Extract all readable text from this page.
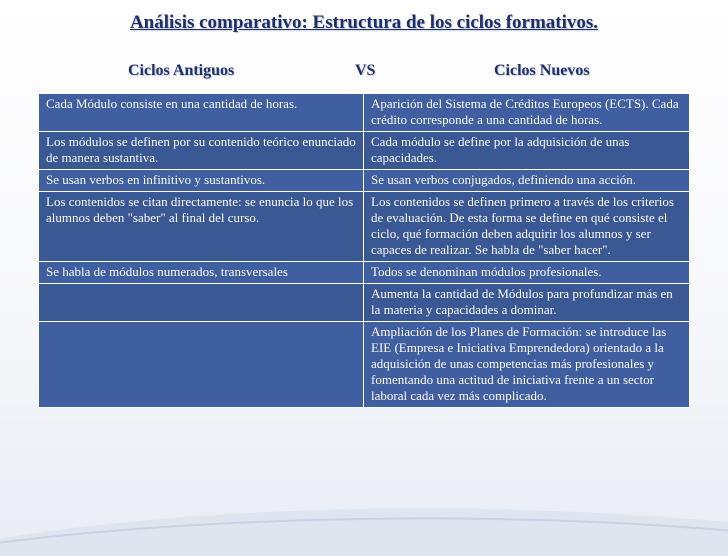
Análisis comparativo: Estructura de los ciclos formativos.
Ciclos Antiguos	VS	Ciclos Nuevos
Cada Módulo consiste en una cantidad de horas.	Aparición del Sistema de Créditos Europeos (ECTS). Cada crédito corresponde a una cantidad de horas.
Los módulos se definen por su contenido teórico enunciado de manera sustantiva.	Cada módulo se define por la adquisición de unas capacidades.
Se usan verbos en infinitivo y sustantivos.	Se usan verbos conjugados, definiendo una acción.
Los contenidos se citan directamente: se enuncia lo que los alumnos deben "saber" al final del curso.	Los contenidos se definen primero a través de los criterios de evaluación. De esta forma se define en qué consiste el ciclo, qué formación deben adquirir los alumnos y ser capaces de realizar. Se habla de "saber hacer".
Se habla de módulos numerados, transversales	Todos se denominan módulos profesionales.
	Aumenta la cantidad de Módulos para profundizar más en la materia y capacidades a dominar.
	Ampliación de los Planes de Formación: se introduce las EIE (Empresa e Iniciativa Emprendedora) orientado a la adquisición de unas competencias más profesionales y fomentando una actitud de iniciativa frente a un sector laboral cada vez más complicado.
